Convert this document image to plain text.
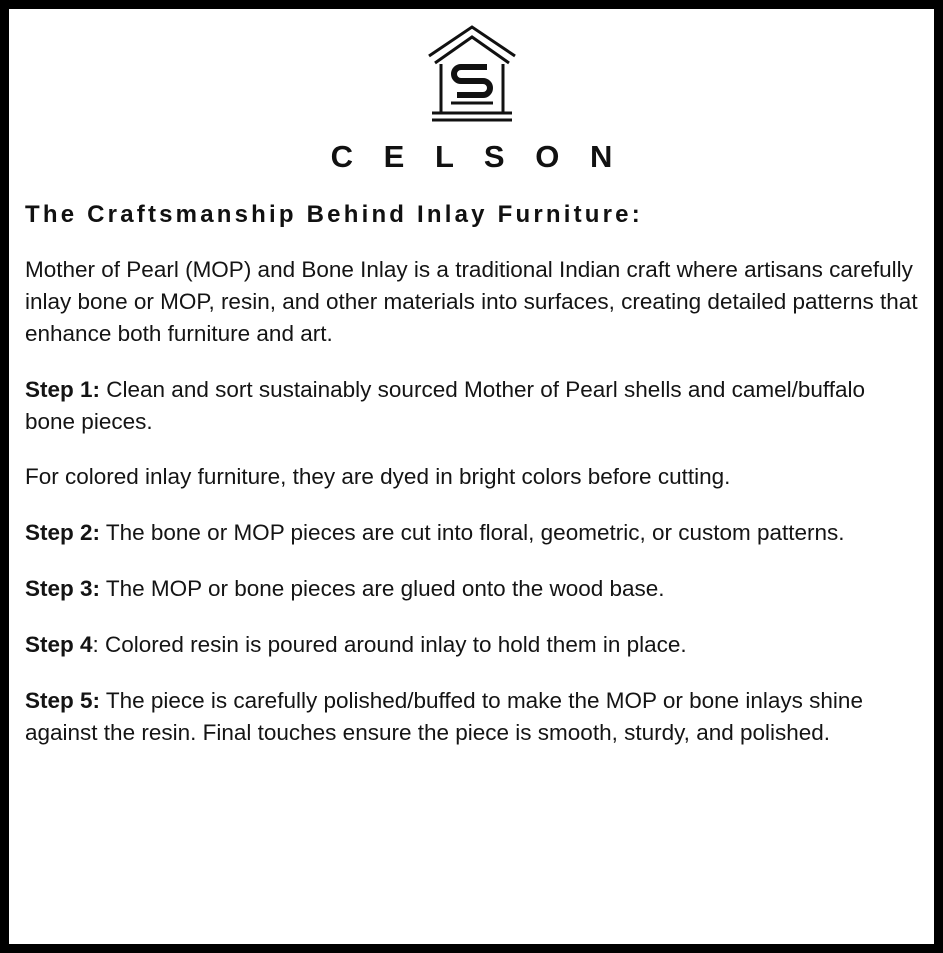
C E L S O N
The Craftsmanship Behind Inlay Furniture:

Mother of Pearl (MOP) and Bone Inlay is a traditional Indian craft where artisans carefully inlay bone or MOP, resin, and other materials into surfaces, creating detailed patterns that enhance both furniture and art.

Step 1: Clean and sort sustainably sourced Mother of Pearl shells and camel/buffalo bone pieces.

For colored inlay furniture, they are dyed in bright colors before cutting.

Step 2: The bone or MOP pieces are cut into floral, geometric, or custom patterns.

Step 3: The MOP or bone pieces are glued onto the wood base.

Step 4: Colored resin is poured around inlay to hold them in place.

Step 5: The piece is carefully polished/buffed to make the MOP or bone inlays shine against the resin. Final touches ensure the piece is smooth, sturdy, and polished.
